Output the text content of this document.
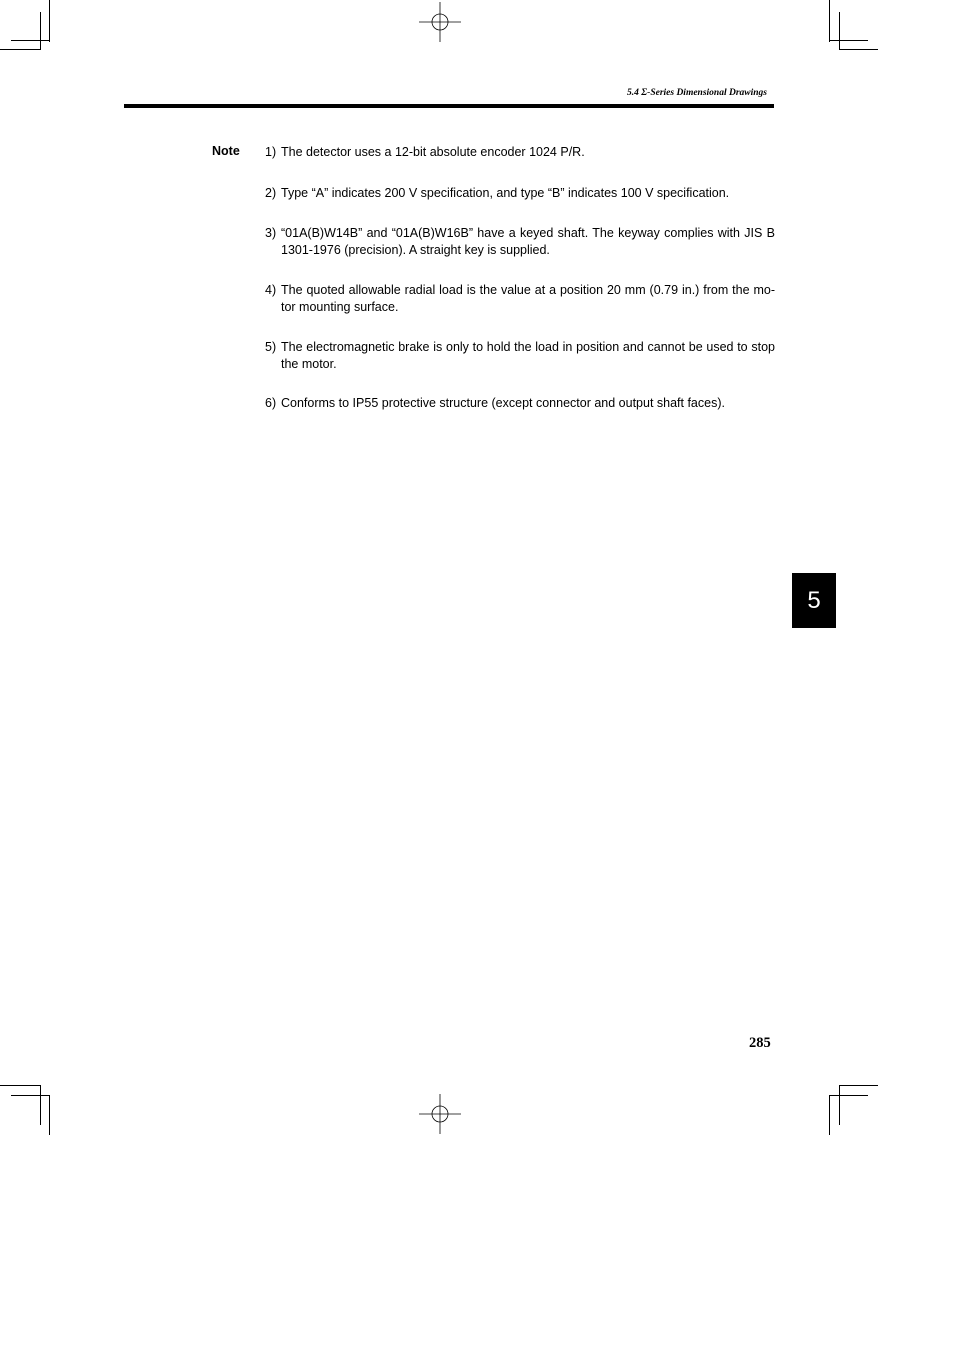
5.4 Σ-Series Dimensional Drawings
Note 1) The detector uses a 12-bit absolute encoder 1024 P/R.
2) Type “A” indicates 200 V specification, and type “B” indicates 100 V specification.
3) “01A(B)W14B” and “01A(B)W16B” have a keyed shaft. The keyway complies with JIS B 1301-1976 (precision). A straight key is supplied.
4) The quoted allowable radial load is the value at a position 20 mm (0.79 in.) from the mo-tor mounting surface.
5) The electromagnetic brake is only to hold the load in position and cannot be used to stop the motor.
6) Conforms to IP55 protective structure (except connector and output shaft faces).
5
285
